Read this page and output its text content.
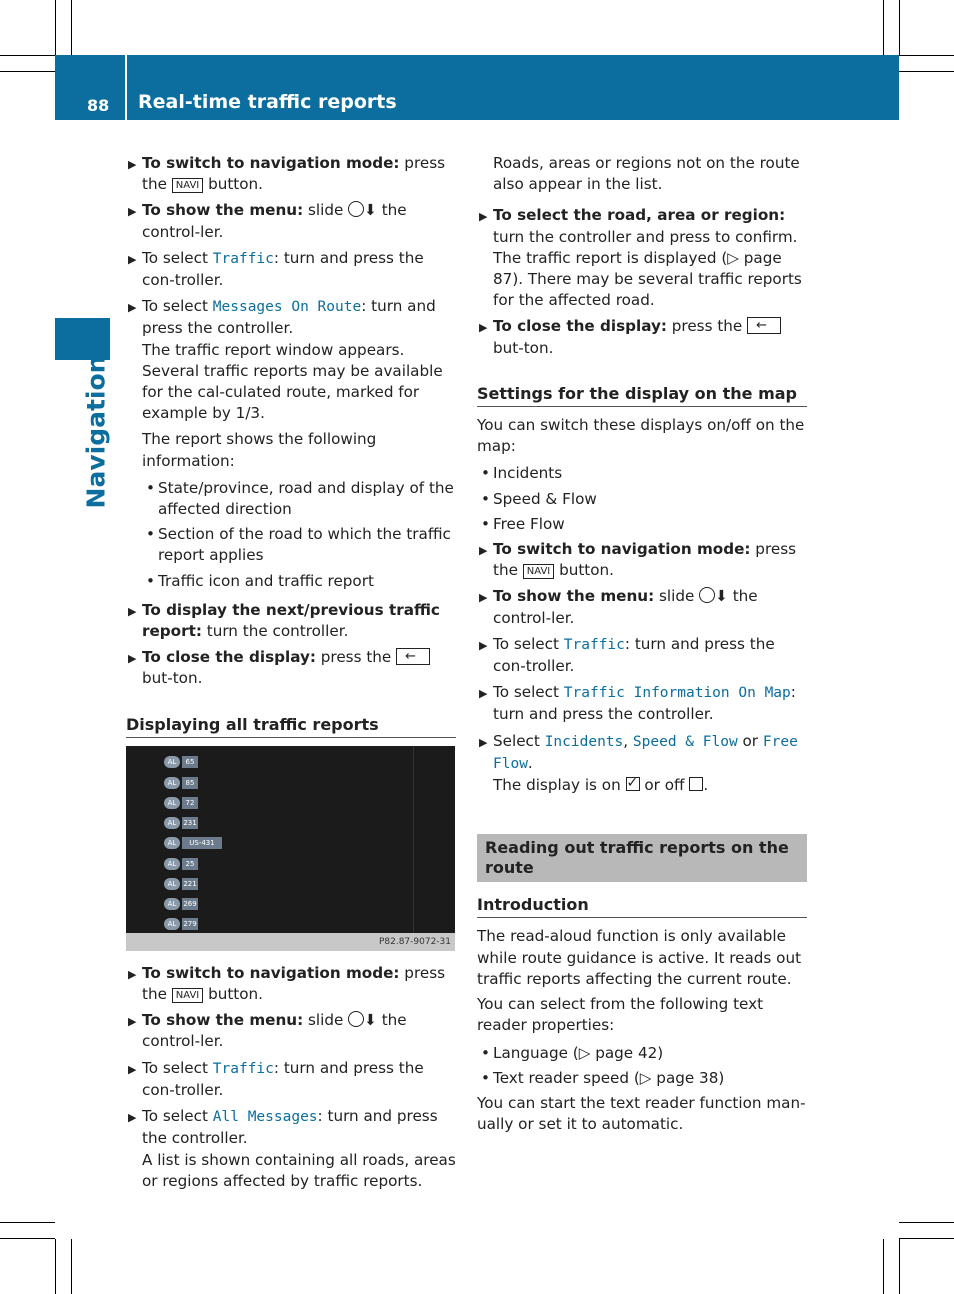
88 Real-time traffic reports
Navigation
▶ To switch to navigation mode: press the NAVI button.
▶ To show the menu: slide ⬇ the control-ler.
▶ To select Traffic: turn and press the con-troller.
▶ To select Messages On Route: turn and press the controller.

The traffic report window appears. Several traffic reports may be available for the cal-culated route, marked for example by 1/3.

The report shows the following information:

• State/province, road and display of the affected direction
• Section of the road to which the traffic report applies
• Traffic icon and traffic report
▶ To display the next/previous traffic report: turn the controller.
▶ To close the display: press the ← but-ton.
Displaying all traffic reports
AL 65
AL 85
AL 72
AL 231
AL US-431
AL 25
AL 221
AL 269
AL 279
P82.87-9072-31
▶ To switch to navigation mode: press the NAVI button.
▶ To show the menu: slide ⬇ the control-ler.
▶ To select Traffic: turn and press the con-troller.
▶ To select All Messages: turn and press the controller.

A list is shown containing all roads, areas or regions affected by traffic reports.

Roads, areas or regions not on the route also appear in the list.

▶ To select the road, area or region: turn the controller and press to confirm.

The traffic report is displayed (▷ page 87). There may be several traffic reports for the affected road.

▶ To close the display: press the ← but-ton.
Settings for the display on the map

You can switch these displays on/off on the map:

• Incidents
• Speed & Flow
• Free Flow
▶ To switch to navigation mode: press the NAVI button.
▶ To show the menu: slide ⬇ the control-ler.
▶ To select Traffic: turn and press the con-troller.
▶ To select Traffic Information On Map: turn and press the controller.
▶ Select Incidents, Speed & Flow or Free Flow.

The display is on ✓ or off .

Reading out traffic reports on the route
Introduction

The read-aloud function is only available while route guidance is active. It reads out traffic reports affecting the current route.

You can select from the following text reader properties:

• Language (▷ page 42)
• Text reader speed (▷ page 38)

You can start the text reader function man-ually or set it to automatic.
